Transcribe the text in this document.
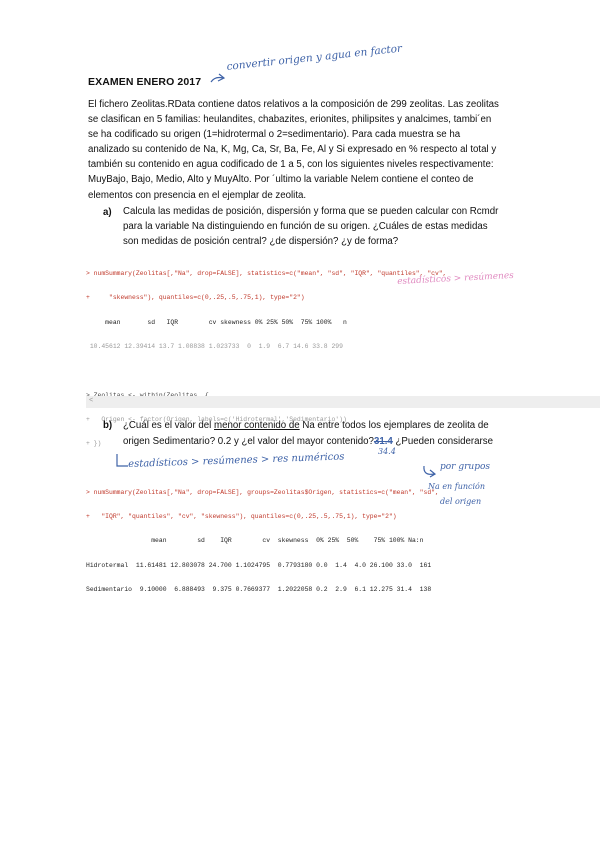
EXAMEN ENERO 2017
convertir origen y agua en factor
El fichero Zeolitas.RData contiene datos relativos a la composición de 299 zeolitas. Las zeolitas
se clasifican en 5 familias: heulandites, chabazites, erionites, philipsites y analcimes, tambi´en
se ha codificado su origen (1=hidrotermal o 2=sedimentario). Para cada muestra se ha
analizado su contenido de Na, K, Mg, Ca, Sr, Ba, Fe, Al y Si expresado en % respecto al total y
también su contenido en agua codificado de 1 a 5, con los siguientes niveles respectivamente:
MuyBajo, Bajo, Medio, Alto y MuyAlto. Por ´ultimo la variable Nelem contiene el conteo de
elementos con presencia en el ejemplar de zeolita.
a) Calcula las medidas de posición, dispersión y forma que se pueden calcular con Rcmdr
para la variable Na distinguiendo en función de su origen. ¿Cuáles de estas medidas
son medidas de posición central? ¿de dispersión? ¿y de forma?

> numSummary(Zeolitas[,"Na", drop=FALSE], statistics=c("mean", "sd", "IQR", "quantiles", "cv",

+     "skewness"), quantiles=c(0,.25,.5,.75,1), type="2")

mean       sd   IQR        cv skewness 0% 25% 50%  75% 100%   n

10.45612 12.39414 13.7 1.08838 1.023733  0  1.9  6.7 14.6 33.8 299

+   Origen <- factor(Origen, labels=c('Hidrotermal','Sedimentario'))

+ })

> numSummary(Zeolitas[,"Na", drop=FALSE], groups=Zeolitas$Origen, statistics=c("mean", "sd",

+   "IQR", "quantiles", "cv", "skewness"), quantiles=c(0,.25,.5,.75,1), type="2")

mean        sd    IQR        cv  skewness  0% 25%  50%    75% 100% Na:n

Hidrotermal  11.61481 12.803078 24.700 1.1024795  0.7793180 0.0  1.4  4.0 26.100 33.0  161

Sedimentario  9.10000  6.888493  9.375 0.7669377  1.2022058 0.2  2.9  6.1 12.275 31.4  138

estadísticos > resúmenes
<
b) ¿Cuál es el valor del menor contenido de Na entre todos los ejemplares de zeolita de
origen Sedimentario? 0.2 y ¿el valor del mayor contenido?31.4 ¿Pueden considerarse
34.4
estadísticos > resúmenes > res numéricos	por grupos
Na en función
del origen
